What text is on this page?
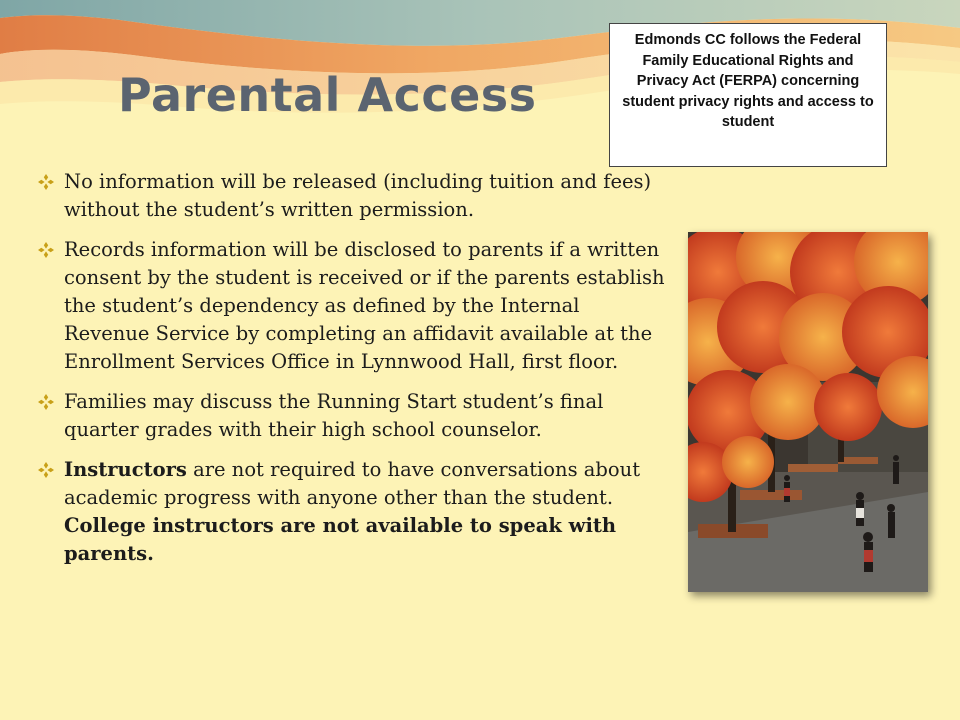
Parental Access
Edmonds CC follows the Federal Family Educational Rights and Privacy Act (FERPA) concerning student privacy rights and access to student
No information will be released (including tuition and fees) without the student’s written permission.
Records information will be disclosed to parents if a written consent by the student is received or if the parents establish the student’s dependency as defined by the Internal Revenue Service by completing an affidavit available at the Enrollment Services Office in Lynnwood Hall, first floor.
Families may discuss the Running Start student’s final quarter grades with their high school counselor.
Instructors are not required to have conversations about academic progress with anyone other than the student. College instructors are not available to speak with parents.
